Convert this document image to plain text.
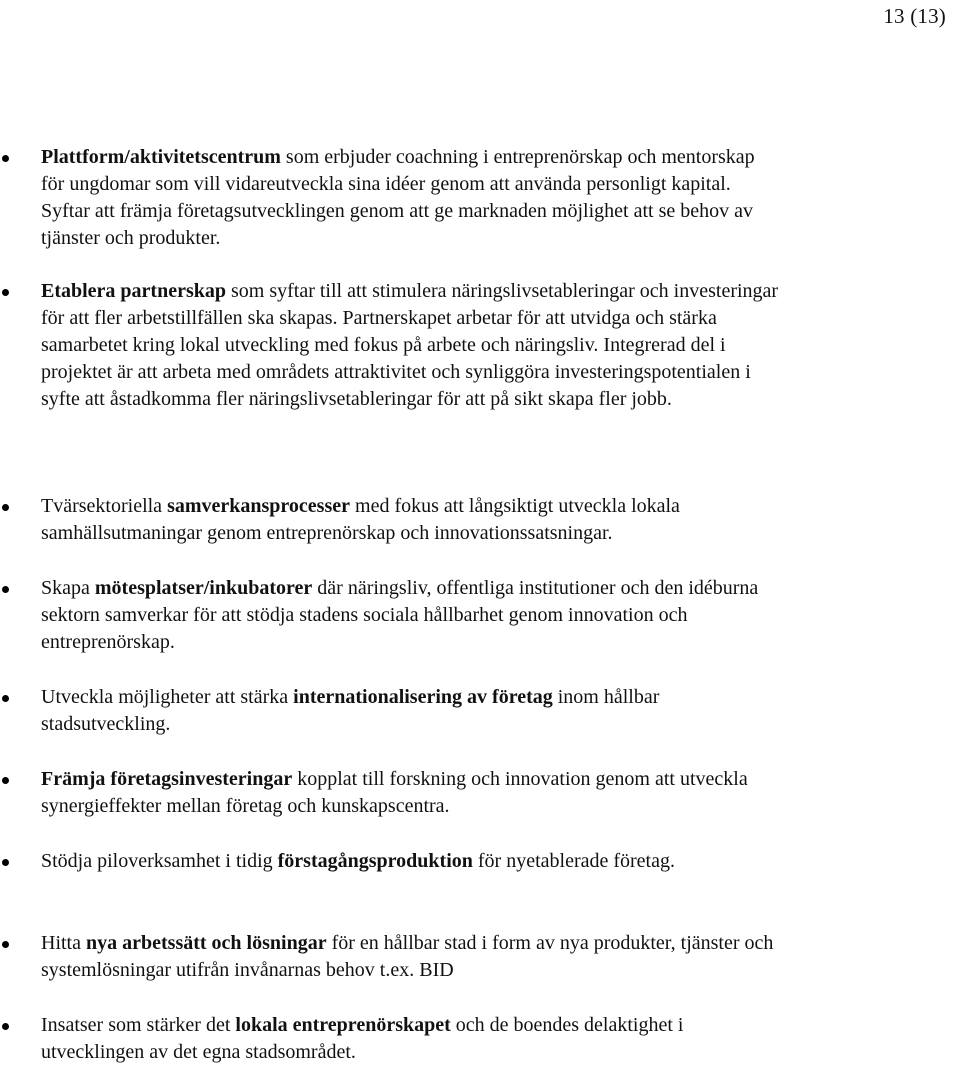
13 (13)
Plattform/aktivitetscentrum som erbjuder coachning i entreprenörskap och mentorskap för ungdomar som vill vidareutveckla sina idéer genom att använda personligt kapital. Syftar att främja företagsutvecklingen genom att ge marknaden möjlighet att se behov av tjänster och produkter.
Etablera partnerskap som syftar till att stimulera näringslivsetableringar och investeringar för att fler arbetstillfällen ska skapas. Partnerskapet arbetar för att utvidga och stärka samarbetet kring lokal utveckling med fokus på arbete och näringsliv. Integrerad del i projektet är att arbeta med områdets attraktivitet och synliggöra investeringspotentialen i syfte att åstadkomma fler näringslivsetableringar för att på sikt skapa fler jobb.
Tvärsektoriella samverkansprocesser med fokus att långsiktigt utveckla lokala samhällsutmaningar genom entreprenörskap och innovationssatsningar.
Skapa mötesplatser/inkubatorer där näringsliv, offentliga institutioner och den idéburna sektorn samverkar för att stödja stadens sociala hållbarhet genom innovation och entreprenörskap.
Utveckla möjligheter att stärka internationalisering av företag inom hållbar stadsutveckling.
Främja företagsinvesteringar kopplat till forskning och innovation genom att utveckla synergieffekter mellan företag och kunskapscentra.
Stödja piloverksamhet i tidig förstagångsproduktion för nyetablerade företag.
Hitta nya arbetssätt och lösningar för en hållbar stad i form av nya produkter, tjänster och systemlösningar utifrån invånarnas behov t.ex. BID
Insatser som stärker det lokala entreprenörskapet och de boendes delaktighet i utvecklingen av det egna stadsområdet.
